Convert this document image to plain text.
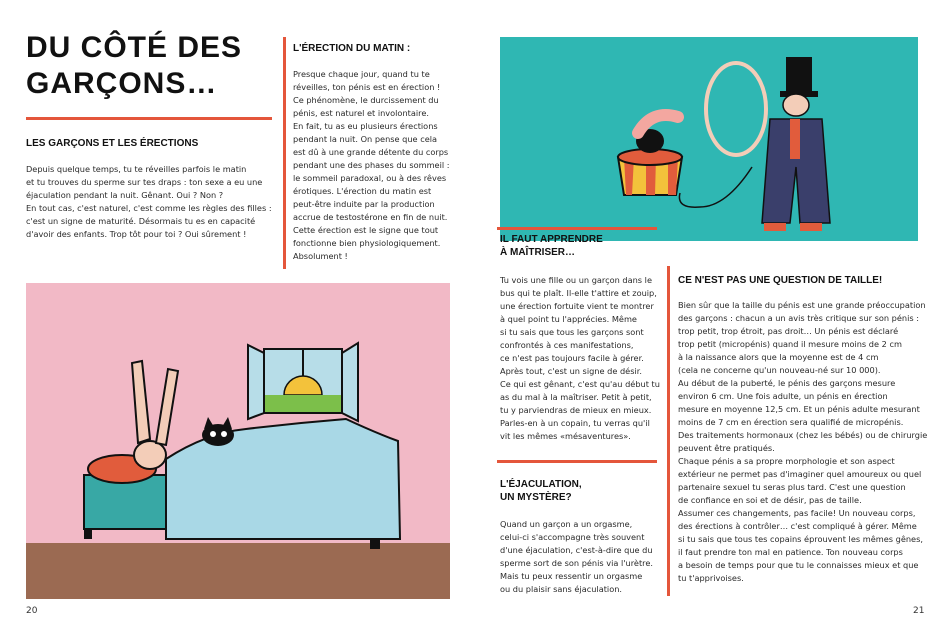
DU CÔTÉ DES GARÇONS…
LES GARÇONS ET LES ÉRECTIONS
Depuis quelque temps, tu te réveilles parfois le matin
et tu trouves du sperme sur tes draps : ton sexe a eu une
éjaculation pendant la nuit. Gênant. Oui ? Non ?
En tout cas, c'est naturel, c'est comme les règles des filles :
c'est un signe de maturité. Désormais tu es en capacité
d'avoir des enfants. Trop tôt pour toi ? Oui sûrement !
L'ÉRECTION DU MATIN :
Presque chaque jour, quand tu te
réveilles, ton pénis est en érection !
Ce phénomène, le durcissement du
pénis, est naturel et involontaire.
En fait, tu as eu plusieurs érections
pendant la nuit. On pense que cela
est dû à une grande détente du corps
pendant une des phases du sommeil :
le sommeil paradoxal, ou à des rêves
érotiques. L'érection du matin est
peut-être induite par la production
accrue de testostérone en fin de nuit.
Cette érection est le signe que tout
fonctionne bien physiologiquement.
Absolument !
20
IL FAUT APPRENDRE
À MAÎTRISER…
Tu vois une fille ou un garçon dans le
bus qui te plaît. Il-elle t'attire et zouip,
une érection fortuite vient te montrer
à quel point tu l'apprécies. Même
si tu sais que tous les garçons sont
confrontés à ces manifestations,
ce n'est pas toujours facile à gérer.
Après tout, c'est un signe de désir.
Ce qui est gênant, c'est qu'au début tu
as du mal à la maîtriser. Petit à petit,
tu y parviendras de mieux en mieux.
Parles-en à un copain, tu verras qu'il
vit les mêmes «mésaventures».
L'ÉJACULATION,
UN MYSTÈRE?
Quand un garçon a un orgasme,
celui-ci s'accompagne très souvent
d'une éjaculation, c'est-à-dire que du
sperme sort de son pénis via l'urètre.
Mais tu peux ressentir un orgasme
ou du plaisir sans éjaculation.
CE N'EST PAS UNE QUESTION DE TAILLE!
Bien sûr que la taille du pénis est une grande préoccupation
des garçons : chacun a un avis très critique sur son pénis :
trop petit, trop étroit, pas droit… Un pénis est déclaré
trop petit (micropénis) quand il mesure moins de 2 cm
à la naissance alors que la moyenne est de 4 cm
(cela ne concerne qu'un nouveau-né sur 10 000).
Au début de la puberté, le pénis des garçons mesure
environ 6 cm. Une fois adulte, un pénis en érection
mesure en moyenne 12,5 cm. Et un pénis adulte mesurant
moins de 7 cm en érection sera qualifié de micropénis.
Des traitements hormonaux (chez les bébés) ou de chirurgie
peuvent être pratiqués.
Chaque pénis a sa propre morphologie et son aspect
extérieur ne permet pas d'imaginer quel amoureux ou quel
partenaire sexuel tu seras plus tard. C'est une question
de confiance en soi et de désir, pas de taille.
Assumer ces changements, pas facile! Un nouveau corps,
des érections à contrôler… c'est compliqué à gérer. Même
si tu sais que tous tes copains éprouvent les mêmes gênes,
il faut prendre ton mal en patience. Ton nouveau corps
a besoin de temps pour que tu le connaisses mieux et que
tu t'apprivoises.
21
